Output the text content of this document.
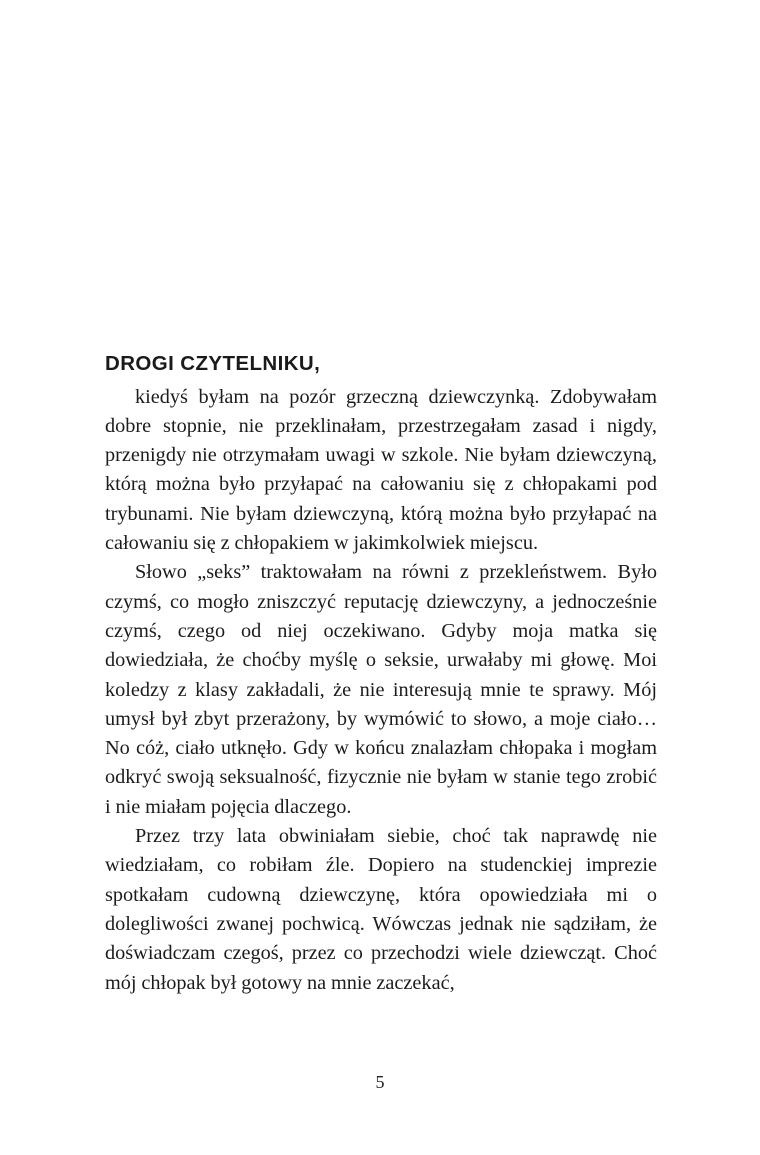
DROGI CZYTELNIKU,

kiedyś byłam na pozór grzeczną dziewczynką. Zdobywałam dobre stopnie, nie przeklinałam, przestrzegałam zasad i nigdy, przenigdy nie otrzymałam uwagi w szkole. Nie byłam dziewczyną, którą można było przyłapać na całowaniu się z chłopakami pod trybunami. Nie byłam dziewczyną, którą można było przyłapać na całowaniu się z chłopakiem w jakimkolwiek miejscu.

Słowo „seks” traktowałam na równi z przekleństwem. Było czymś, co mogło zniszczyć reputację dziewczyny, a jednocześnie czymś, czego od niej oczekiwano. Gdyby moja matka się dowiedziała, że choćby myślę o seksie, urwałaby mi głowę. Moi koledzy z klasy zakładali, że nie interesują mnie te sprawy. Mój umysł był zbyt przerażony, by wymówić to słowo, a moje ciało… No cóż, ciało utknęło. Gdy w końcu znalazłam chłopaka i mogłam odkryć swoją seksualność, fizycznie nie byłam w stanie tego zrobić i nie miałam pojęcia dlaczego.

Przez trzy lata obwiniałam siebie, choć tak naprawdę nie wiedziałam, co robiłam źle. Dopiero na studenckiej imprezie spotkałam cudowną dziewczynę, która opowiedziała mi o dolegliwości zwanej pochwicą. Wówczas jednak nie sądziłam, że doświadczam czegoś, przez co przechodzi wiele dziewcząt. Choć mój chłopak był gotowy na mnie zaczekać,

5
